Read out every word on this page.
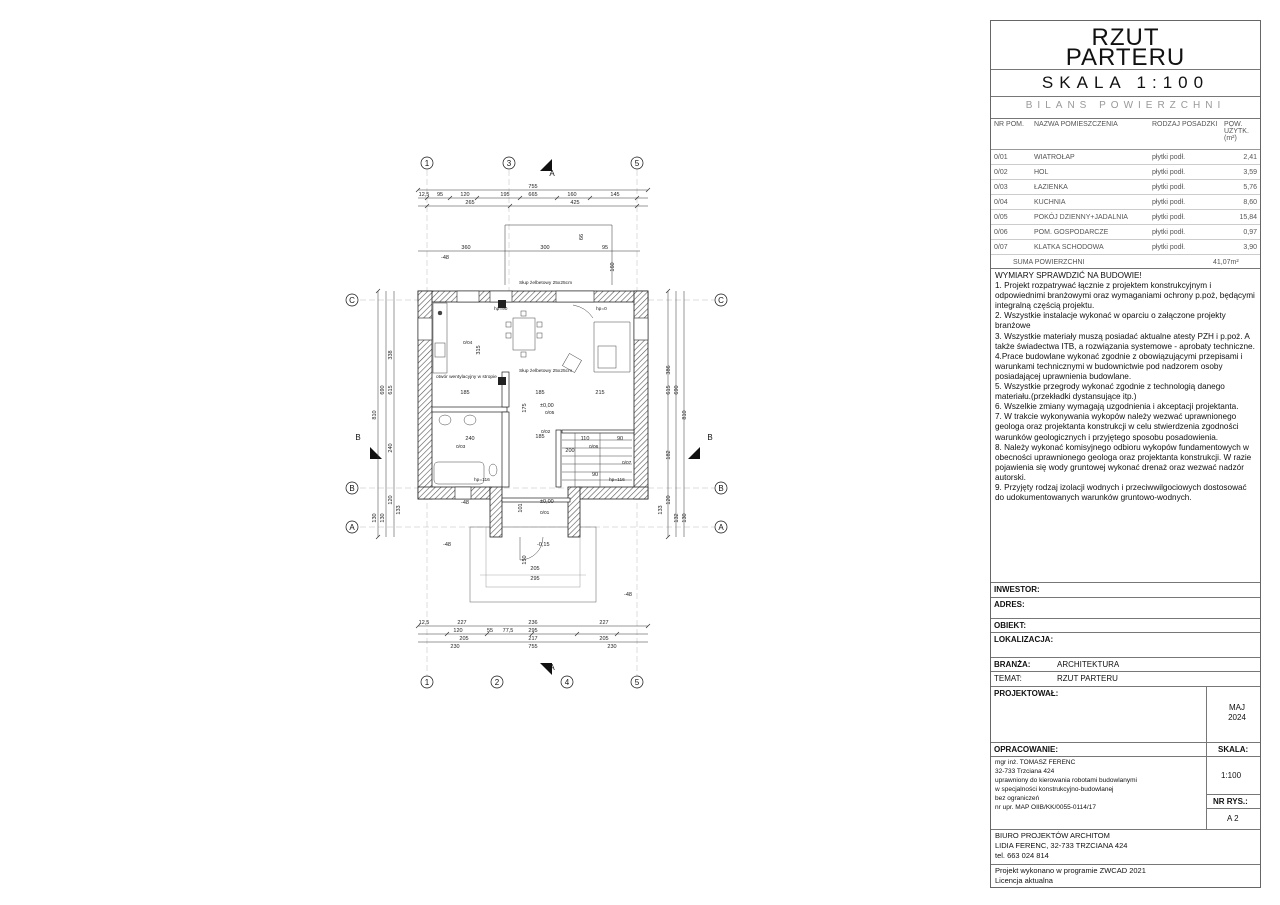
1	3	5
1	2	4	5
C
B
A
C
B
A
A
A
B	B
755
665
12,5 95	120	195	160	145
265	425
360	300	95
-48
160
66
755
12,5	227
55 77,5
236	227
205
120
217	205
230
295
230
810
615
690
338
240
120
133
130
130
810
615 690
386
182
120
133
132 130
Słup żelbetowy 25x25cm
Słup żelbetowy 25x25cm
otwór wentylacyjny w stropie
hp=90	hp=0
hp=116	hp=116
0/04
0/05
0/03	0/06
0/02
0/07
0/01
±0,00
±0,00
-0,15
315
185	215
240	185
175
200
90
185
-48
-48
-48
150
205
295
101
110
90
RZUT
PARTERU
SKALA 1:100
BILANS POWIERZCHNI
NR POM.	NAZWA POMIESZCZENIA	RODZAJ POSADZKI	POW. UŻYTK. (m²)
0/01	WIATROŁAP	płytki podł.	2,41
0/02	HOL	płytki podł.	3,59
0/03	ŁAZIENKA	płytki podł.	5,76
0/04	KUCHNIA	płytki podł.	8,60
0/05	POKÓJ DZIENNY+JADALNIA	płytki podł.	15,84
0/06	POM. GOSPODARCZE	płytki podł.	0,97
0/07	KLATKA SCHODOWA	płytki podł.	3,90
SUMA POWIERZCHNI	41,07m²

WYMIARY SPRAWDZIĆ NA BUDOWIE!

1. Projekt rozpatrywać łącznie z projektem konstrukcyjnym i odpowiednimi branżowymi oraz wymaganiami ochrony p.poż, będącymi integralną częścią projektu.

2. Wszystkie instalacje wykonać w oparciu o załączone projekty branżowe

3. Wszystkie materiały muszą posiadać aktualne atesty PZH i p.poż. A także świadectwa ITB, a rozwiązania systemowe - aprobaty techniczne.

4.Prace budowlane wykonać zgodnie z obowiązującymi przepisami i warunkami technicznymi w budownictwie pod nadzorem osoby posiadającej uprawnienia budowlane.

5. Wszystkie przegrody wykonać zgodnie z technologią danego materiału.(przekładki dystansujące itp.)

6. Wszelkie zmiany wymagają uzgodnienia i akceptacji projektanta.

7. W trakcie wykonywania wykopów należy wezwać uprawnionego geologa oraz projektanta konstrukcji w celu stwierdzenia zgodności warunków geologicznych i przyjętego sposobu posadowienia.

8. Należy wykonać komisyjnego odbioru wykopów fundamentowych w obecności uprawnionego geologa oraz projektanta konstrukcji. W razie pojawienia się wody gruntowej wykonać drenaż oraz wezwać nadzór autorski.

9. Przyjęty rodzaj izolacji wodnych i przeciwwilgociowych dostosować do udokumentowanych warunków gruntowo-wodnych.

INWESTOR:
ADRES:
OBIEKT:
LOKALIZACJA:
BRANŻA:	ARCHITEKTURA
TEMAT:	RZUT PARTERU
PROJEKTOWAŁ:
MAJ 2024
OPRACOWANIE:	SKALA:
mgr inż. TOMASZ FERENC
32-733 Trzciana 424
uprawniony do kierowania robotami budowlanymi
w specjalności konstrukcyjno-budowlanej
bez ograniczeń
nr upr. MAP OIIB/KK/0055-0114/17
1:100
NR RYS.:
A 2
BIURO PROJEKTÓW ARCHITOM
LIDIA FERENC, 32-733 TRZCIANA 424
tel. 663 024 814
Projekt wykonano w programie ZWCAD 2021
Licencja aktualna
